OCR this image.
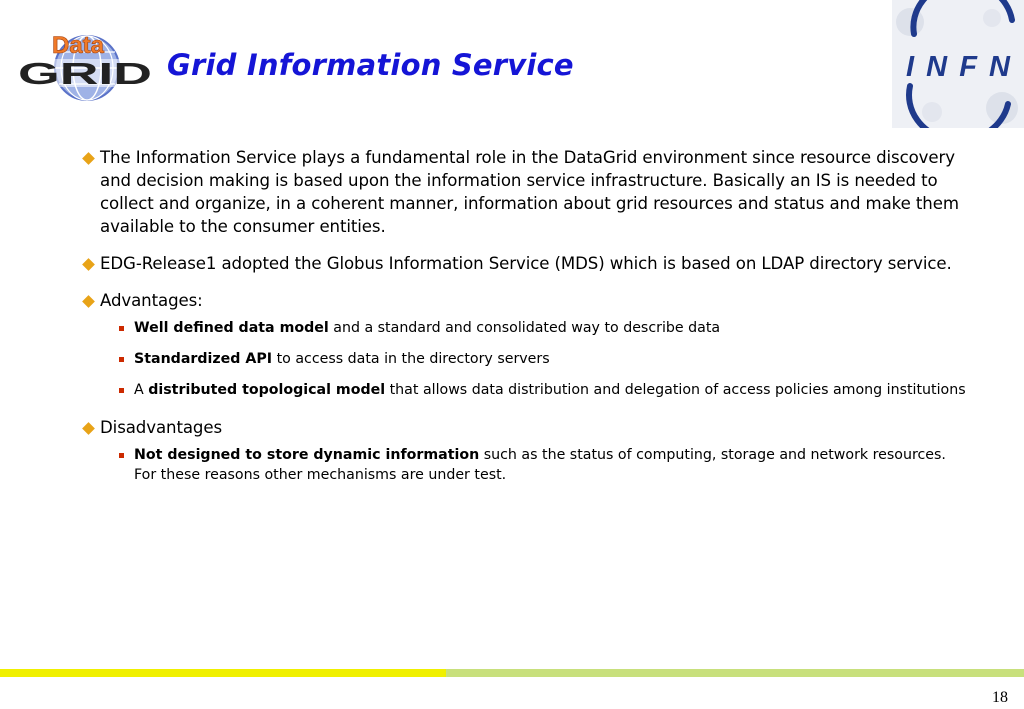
Data
GRID Grid Information Service	INFN
The Information Service plays a fundamental role in the DataGrid environment since resource discovery and decision making is based upon the information service infrastructure. Basically an IS is needed to collect and organize, in a coherent manner, information about grid resources and status and make them available to the consumer entities.
EDG-Release1 adopted the Globus Information Service (MDS) which is based on LDAP directory service.
Advantages:
Well defined data model and a standard and consolidated way to describe data
Standardized API to access data in the directory servers
A distributed topological model that allows data distribution and delegation of access policies among institutions
Disadvantages
Not designed to store dynamic information such as the status of computing, storage and network resources. For these reasons other mechanisms are under test.
18
